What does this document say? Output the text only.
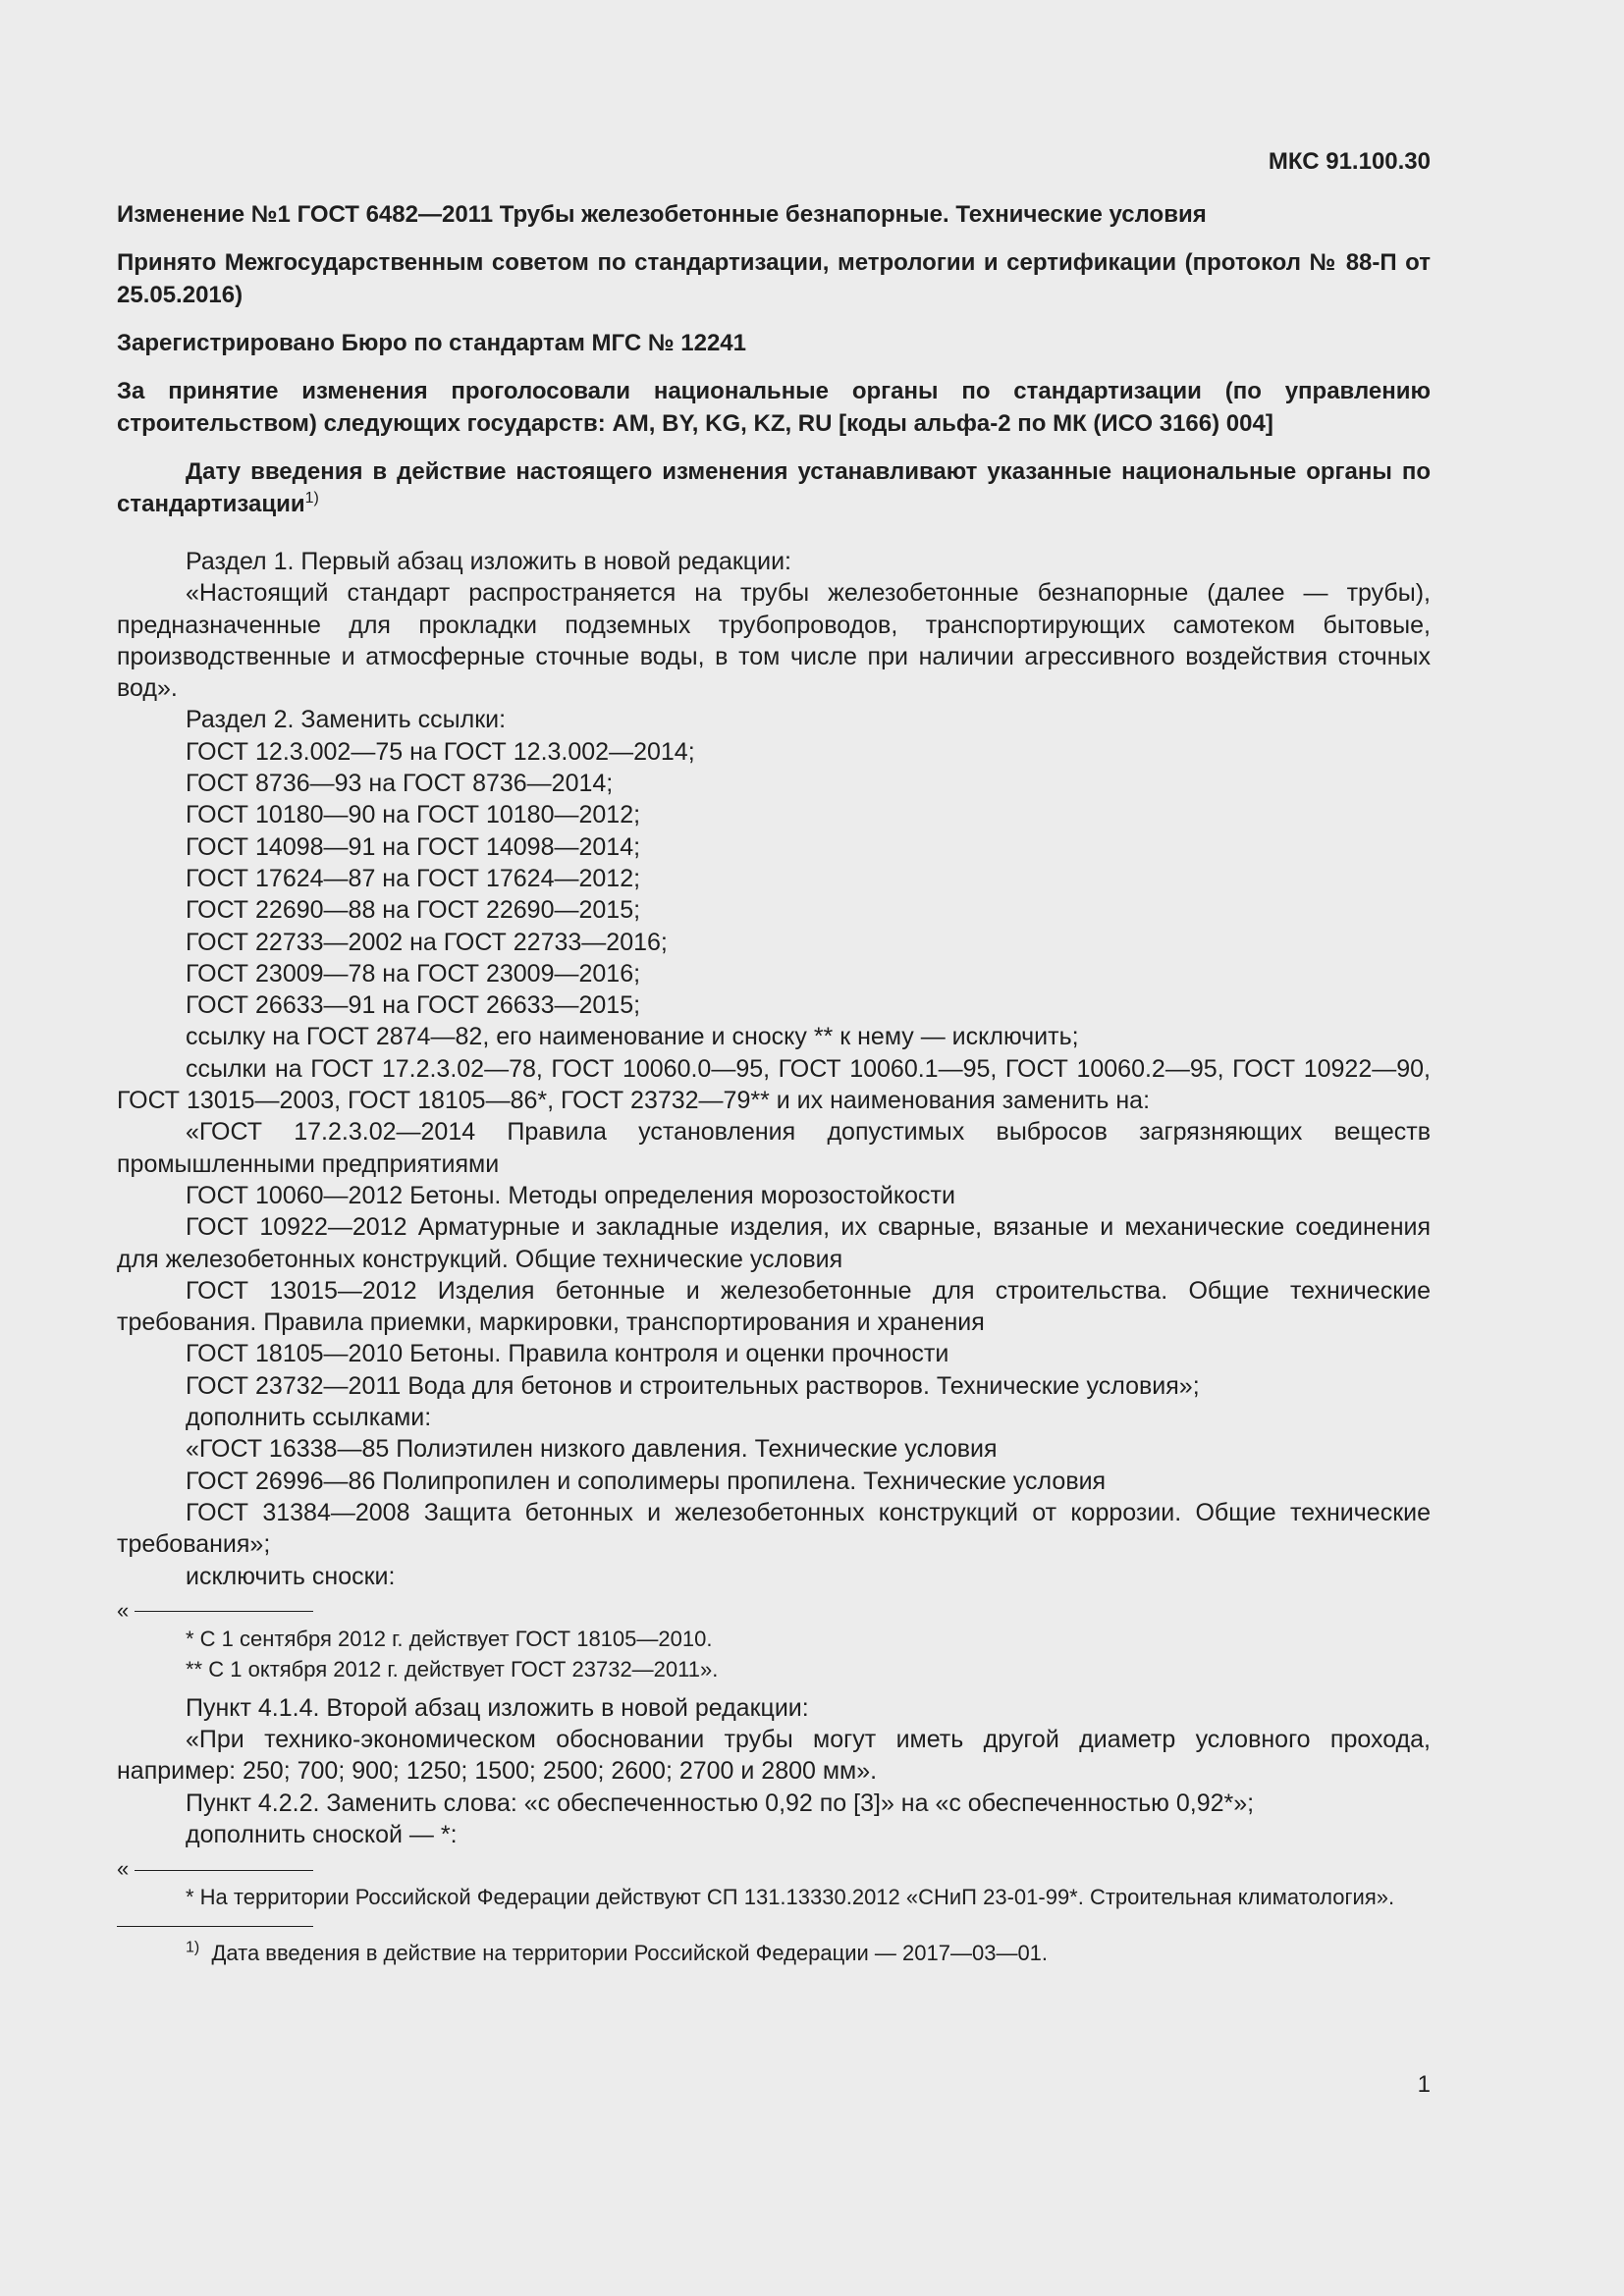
МКС 91.100.30
Изменение №1 ГОСТ 6482—2011 Трубы железобетонные безнапорные. Технические условия
Принято Межгосударственным советом по стандартизации, метрологии и сертификации (протокол № 88-П от 25.05.2016)
Зарегистрировано Бюро по стандартам МГС № 12241
За принятие изменения проголосовали национальные органы по стандартизации (по управлению строительством) следующих государств: AM, BY, KG, KZ, RU [коды альфа-2 по МК (ИСО 3166) 004]
Дату введения в действие настоящего изменения устанавливают указанные национальные органы по стандартизации$^{1)}$

Раздел 1. Первый абзац изложить в новой редакции:

«Настоящий стандарт распространяется на трубы железобетонные безнапорные (далее — трубы), предназначенные для прокладки подземных трубопроводов, транспортирующих самотеком бытовые, производственные и атмосферные сточные воды, в том числе при наличии агрессивного воздействия сточных вод».

Раздел 2. Заменить ссылки:

ГОСТ 12.3.002—75 на ГОСТ 12.3.002—2014;

ГОСТ 8736—93 на ГОСТ 8736—2014;

ГОСТ 10180—90 на ГОСТ 10180—2012;

ГОСТ 14098—91 на ГОСТ 14098—2014;

ГОСТ 17624—87 на ГОСТ 17624—2012;

ГОСТ 22690—88 на ГОСТ 22690—2015;

ГОСТ 22733—2002 на ГОСТ 22733—2016;

ГОСТ 23009—78 на ГОСТ 23009—2016;

ГОСТ 26633—91 на ГОСТ 26633—2015;

ссылку на ГОСТ 2874—82, его наименование и сноску ** к нему — исключить;

ссылки на ГОСТ 17.2.3.02—78, ГОСТ 10060.0—95, ГОСТ 10060.1—95, ГОСТ 10060.2—95, ГОСТ 10922—90, ГОСТ 13015—2003, ГОСТ 18105—86*, ГОСТ 23732—79** и их наименования заменить на:

«ГОСТ 17.2.3.02—2014 Правила установления допустимых выбросов загрязняющих веществ промышленными предприятиями

ГОСТ 10060—2012 Бетоны. Методы определения морозостойкости

ГОСТ 10922—2012 Арматурные и закладные изделия, их сварные, вязаные и механические соединения для железобетонных конструкций. Общие технические условия

ГОСТ 13015—2012 Изделия бетонные и железобетонные для строительства. Общие технические требования. Правила приемки, маркировки, транспортирования и хранения

ГОСТ 18105—2010 Бетоны. Правила контроля и оценки прочности

ГОСТ 23732—2011 Вода для бетонов и строительных растворов. Технические условия»;

дополнить ссылками:

«ГОСТ 16338—85 Полиэтилен низкого давления. Технические условия

ГОСТ 26996—86 Полипропилен и сополимеры пропилена. Технические условия

ГОСТ 31384—2008 Защита бетонных и железобетонных конструкций от коррозии. Общие технические требования»;

исключить сноски:

«

* С 1 сентября 2012 г. действует ГОСТ 18105—2010.

** С 1 октября 2012 г. действует ГОСТ 23732—2011».

Пункт 4.1.4. Второй абзац изложить в новой редакции:

«При технико-экономическом обосновании трубы могут иметь другой диаметр условного прохода, например: 250; 700; 900; 1250; 1500; 2500; 2600; 2700 и 2800 мм».

Пункт 4.2.2. Заменить слова: «с обеспеченностью 0,92 по [3]» на «с обеспеченностью 0,92*»;

дополнить сноской — *:

«

* На территории Российской Федерации действуют СП 131.13330.2012 «СНиП 23-01-99*. Строительная климатология».

$^{1)}$ Дата введения в действие на территории Российской Федерации — 2017—03—01.

1
